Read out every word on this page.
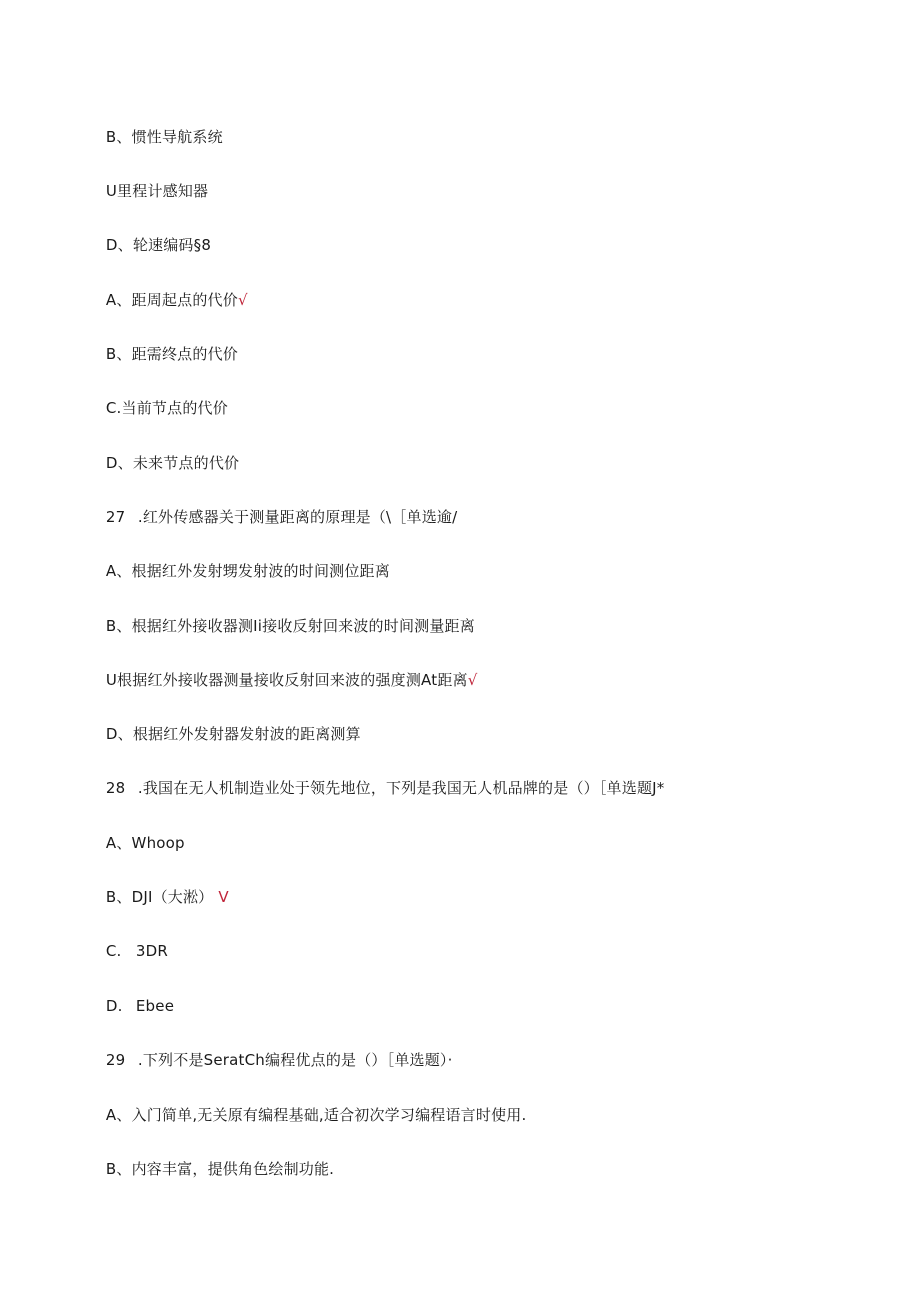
B、惯性导航系统

U里程计感知器

D、轮速编码§8

A、距周起点的代价√

B、距需终点的代价

C.当前节点的代价

D、未来节点的代价

27 .红外传感器关于测量距离的原理是（\［单选逾/

A、根据红外发射甥发射波的时间测位距离

B、根据红外接收器测Ii接收反射回来波的时间测量距离

U根据红外接收器测量接收反射回来波的强度测At距离√

D、根据红外发射器发射波的距离测算

28 .我国在无人机制造业处于领先地位，下列是我国无人机品牌的是（）［单选题J*

A、Whoop

B、DJI（大淞） V

C. 3DR

D. Ebee

29 .下列不是SeratCh编程优点的是（）［单选题）·

A、入门简单,无关原有编程基础,适合初次学习编程语言时使用.

B、内容丰富，提供角色绘制功能.
